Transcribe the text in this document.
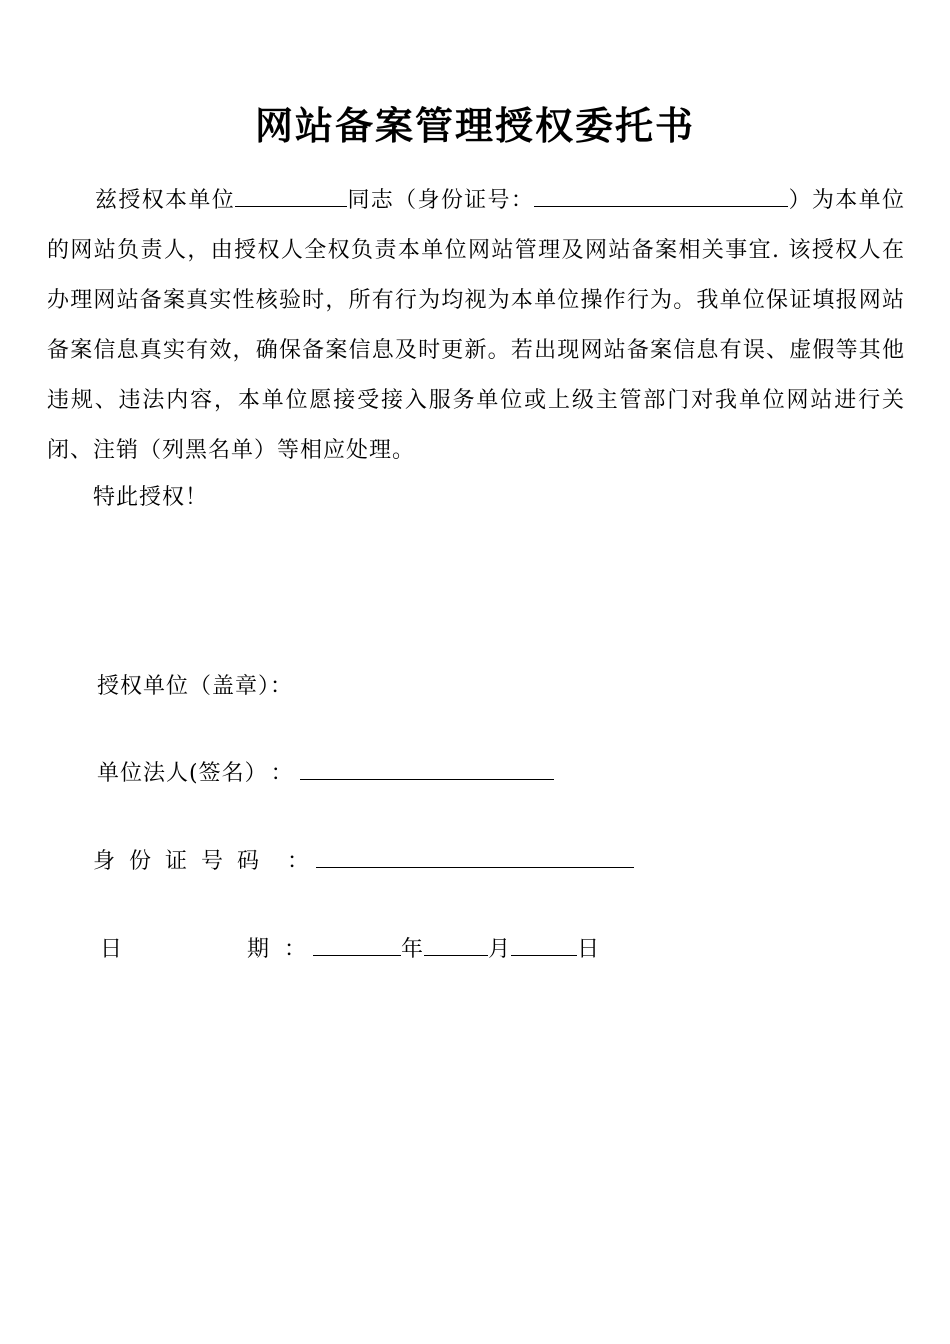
网站备案管理授权委托书
兹授权本单位	同志（身份证号：	）为本单位的网站负责人，由授权人全权负责本单位网站管理及网站备案相关事宜. 该授权人在办理网站备案真实性核验时，所有行为均视为本单位操作行为。我单位保证填报网站备案信息真实有效，确保备案信息及时更新。若出现网站备案信息有误、虚假等其他违规、违法内容，本单位愿接受接入服务单位或上级主管部门对我单位网站进行关闭、注销（列黑名单）等相应处理。
特此授权！
授权单位（盖章）：
单位法人(签名） ：
身份证号码 ：
日	期 ：	年	月	日
